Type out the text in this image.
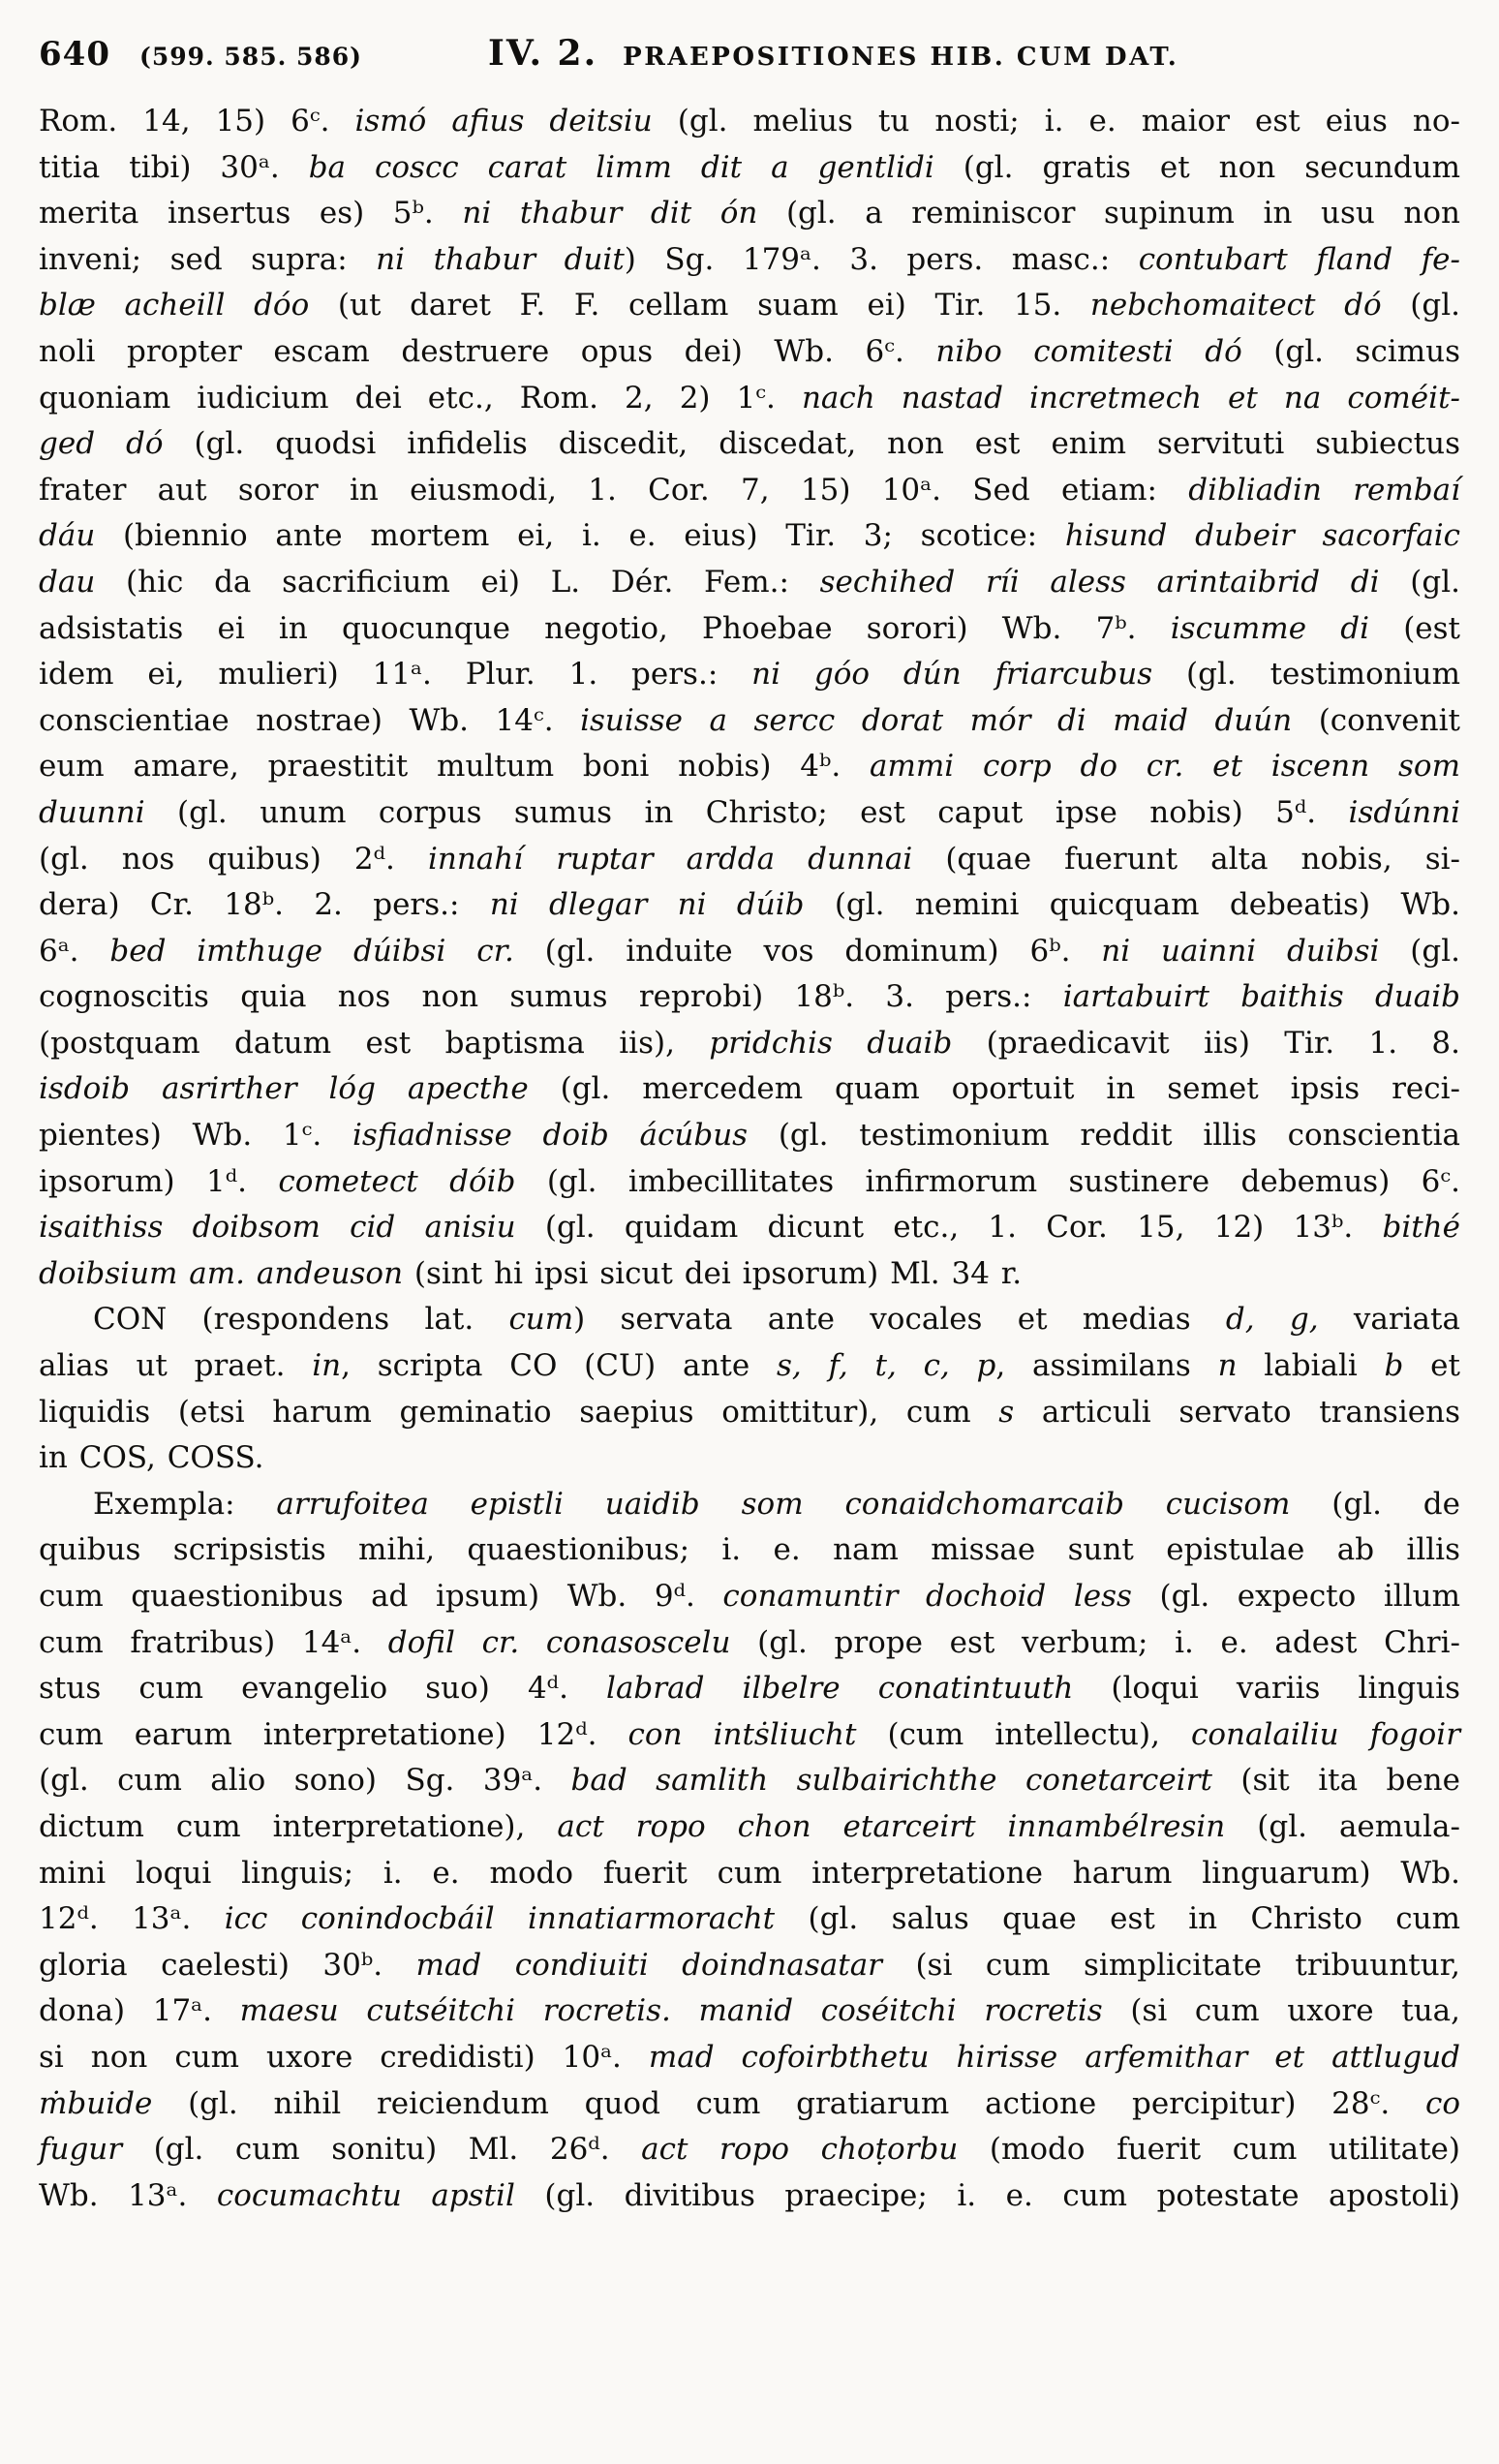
640 (599. 585. 586)	IV. 2. PRAEPOSITIONES HIB. CUM DAT.
Rom. 14, 15) 6ᶜ. ismó afius deitsiu (gl. melius tu nosti; i. e. maior est eius no-
titia tibi) 30ᵃ. ba coscc carat limm dit a gentlidi (gl. gratis et non secundum
merita insertus es) 5ᵇ. ni thabur dit ón (gl. a reminiscor supinum in usu non
inveni; sed supra: ni thabur duit) Sg. 179ᵃ. 3. pers. masc.: contubart fland fe-
blæ acheill dóo (ut daret F. F. cellam suam ei) Tir. 15. nebchomaitect dó (gl.
noli propter escam destruere opus dei) Wb. 6ᶜ. nibo comitesti dó (gl. scimus
quoniam iudicium dei etc., Rom. 2, 2) 1ᶜ. nach nastad incretmech et na coméit-
ged dó (gl. quodsi infidelis discedit, discedat, non est enim servituti subiectus
frater aut soror in eiusmodi, 1. Cor. 7, 15) 10ᵃ. Sed etiam: dibliadin rembaí
dáu (biennio ante mortem ei, i. e. eius) Tir. 3; scotice: hisund dubeir sacorfaic
dau (hic da sacrificium ei) L. Dér. Fem.: sechihed ríi aless arintaibrid di (gl.
adsistatis ei in quocunque negotio, Phoebae sorori) Wb. 7ᵇ. iscumme di (est
idem ei, mulieri) 11ᵃ. Plur. 1. pers.: ni góo dún friarcubus (gl. testimonium
conscientiae nostrae) Wb. 14ᶜ. isuisse a sercc dorat mór di maid duún (convenit
eum amare, praestitit multum boni nobis) 4ᵇ. ammi corp do cr. et iscenn som
duunni (gl. unum corpus sumus in Christo; est caput ipse nobis) 5ᵈ. isdúnni
(gl. nos quibus) 2ᵈ. innahí ruptar ardda dunnai (quae fuerunt alta nobis, si-
dera) Cr. 18ᵇ. 2. pers.: ni dlegar ni dúib (gl. nemini quicquam debeatis) Wb.
6ᵃ. bed imthuge dúibsi cr. (gl. induite vos dominum) 6ᵇ. ni uainni duibsi (gl.
cognoscitis quia nos non sumus reprobi) 18ᵇ. 3. pers.: iartabuirt baithis duaib
(postquam datum est baptisma iis), pridchis duaib (praedicavit iis) Tir. 1. 8.
isdoib asrirther lóg apecthe (gl. mercedem quam oportuit in semet ipsis reci-
pientes) Wb. 1ᶜ. isfiadnisse doib ácúbus (gl. testimonium reddit illis conscientia
ipsorum) 1ᵈ. cometect dóib (gl. imbecillitates infirmorum sustinere debemus) 6ᶜ.
isaithiss doibsom cid anisiu (gl. quidam dicunt etc., 1. Cor. 15, 12) 13ᵇ. bithé
doibsium am. andeuson (sint hi ipsi sicut dei ipsorum) Ml. 34 r.
CON (respondens lat. cum) servata ante vocales et medias d, g, variata
alias ut praet. in, scripta CO (CU) ante s, f, t, c, p, assimilans n labiali b et
liquidis (etsi harum geminatio saepius omittitur), cum s articuli servato transiens
in COS, COSS.
Exempla: arrufoitea epistli uaidib som conaidchomarcaib cucisom (gl. de
quibus scripsistis mihi, quaestionibus; i. e. nam missae sunt epistulae ab illis
cum quaestionibus ad ipsum) Wb. 9ᵈ. conamuntir dochoid less (gl. expecto illum
cum fratribus) 14ᵃ. dofil cr. conasoscelu (gl. prope est verbum; i. e. adest Chri-
stus cum evangelio suo) 4ᵈ. labrad ilbelre conatintuuth (loqui variis linguis
cum earum interpretatione) 12ᵈ. con intṡliucht (cum intellectu), conalailiu fogoir
(gl. cum alio sono) Sg. 39ᵃ. bad samlith sulbairichthe conetarceirt (sit ita bene
dictum cum interpretatione), act ropo chon etarceirt innambélresin (gl. aemula-
mini loqui linguis; i. e. modo fuerit cum interpretatione harum linguarum) Wb.
12ᵈ. 13ᵃ. icc conindocbáil innatiarmoracht (gl. salus quae est in Christo cum
gloria caelesti) 30ᵇ. mad condiuiti doindnasatar (si cum simplicitate tribuuntur,
dona) 17ᵃ. maesu cutséitchi rocretis. manid coséitchi rocretis (si cum uxore tua,
si non cum uxore credidisti) 10ᵃ. mad cofoirbthetu hirisse arfemithar et attlugud
ṁbuide (gl. nihil reiciendum quod cum gratiarum actione percipitur) 28ᶜ. co
fugur (gl. cum sonitu) Ml. 26ᵈ. act ropo choṭorbu (modo fuerit cum utilitate)
Wb. 13ᵃ. cocumachtu apstil (gl. divitibus praecipe; i. e. cum potestate apostoli)
